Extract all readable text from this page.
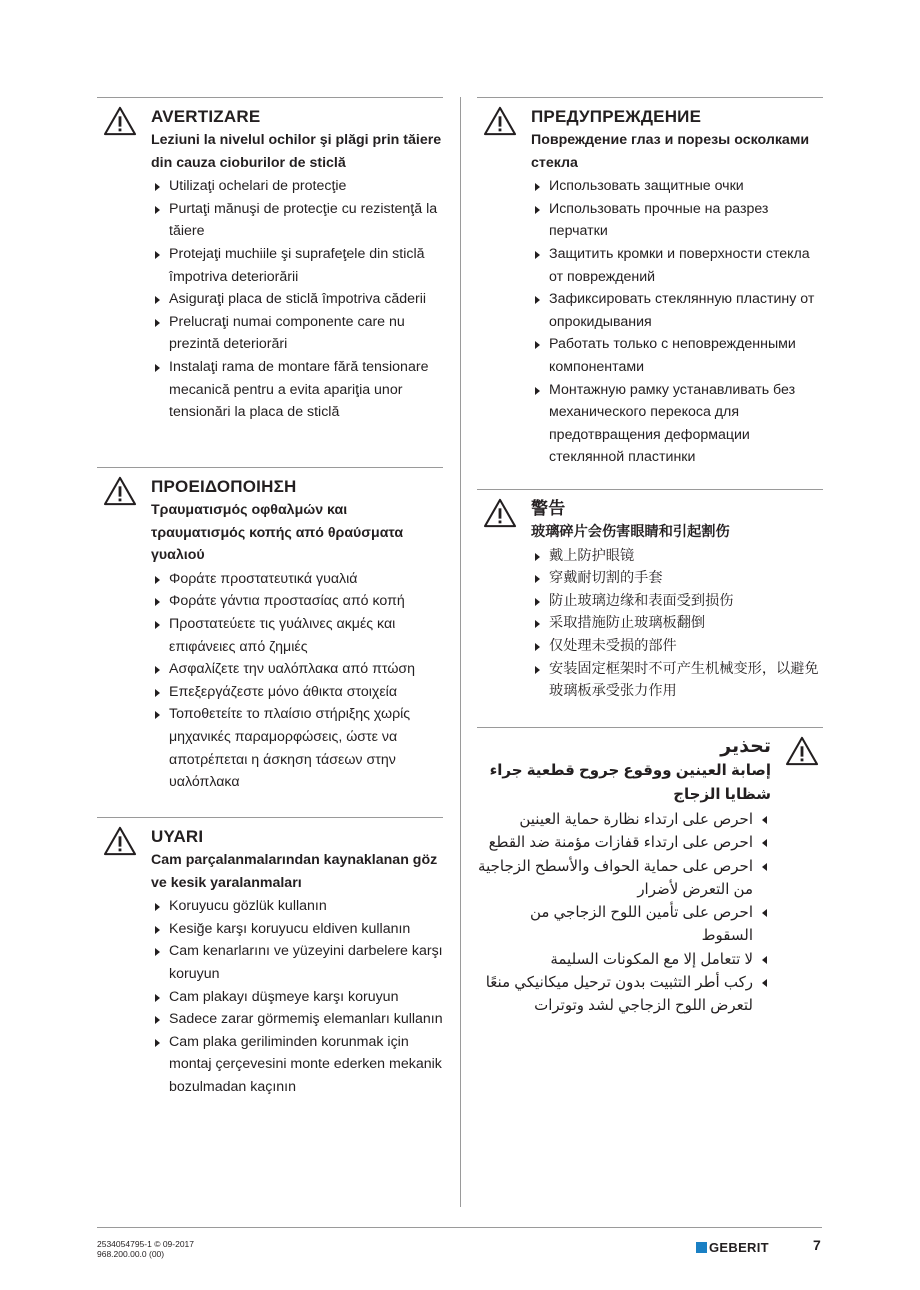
AVERTIZARE
Leziuni la nivelul ochilor şi plăgi prin tăiere din cauza cioburilor de sticlă
Utilizaţi ochelari de protecţie
Purtaţi mănuşi de protecţie cu rezistenţă la tăiere
Protejaţi muchiile şi suprafeţele din sticlă împotriva deteriorării
Asiguraţi placa de sticlă împotriva căderii
Prelucraţi numai componente care nu prezintă deteriorări
Instalaţi rama de montare fără tensionare mecanică pentru a evita apariţia unor tensionări la placa de sticlă
ΠΡΟΕΙΔΟΠΟΙΗΣΗ
Τραυματισμός οφθαλμών και τραυματισμός κοπής από θραύσματα γυαλιού
Φοράτε προστατευτικά γυαλιά
Φοράτε γάντια προστασίας από κοπή
Προστατεύετε τις γυάλινες ακμές και επιφάνειες από ζημιές
Ασφαλίζετε την υαλόπλακα από πτώση
Επεξεργάζεστε μόνο άθικτα στοιχεία
Τοποθετείτε το πλαίσιο στήριξης χωρίς μηχανικές παραμορφώσεις, ώστε να αποτρέπεται η άσκηση τάσεων στην υαλόπλακα
UYARI
Cam parçalanmalarından kaynaklanan göz ve kesik yaralanmaları
Koruyucu gözlük kullanın
Kesiğe karşı koruyucu eldiven kullanın
Cam kenarlarını ve yüzeyini darbelere karşı koruyun
Cam plakayı düşmeye karşı koruyun
Sadece zarar görmemiş elemanları kullanın
Cam plaka geriliminden korunmak için montaj çerçevesini monte ederken mekanik bozulmadan kaçının
ПРЕДУПРЕЖДЕНИЕ
Повреждение глаз и порезы осколками стекла
Использовать защитные очки
Использовать прочные на разрез перчатки
Защитить кромки и поверхности стекла от повреждений
Зафиксировать стеклянную пластину от опрокидывания
Работать только с неповрежденными компонентами
Монтажную рамку устанавливать без механического перекоса для предотвращения деформации стеклянной пластинки
警告
玻璃碎片会伤害眼睛和引起割伤
戴上防护眼镜
穿戴耐切割的手套
防止玻璃边缘和表面受到损伤
采取措施防止玻璃板翻倒
仅处理未受损的部件
安装固定框架时不可产生机械变形，以避免玻璃板承受张力作用
تحذير
إصابة العينين ووقوع جروح قطعية جراء شظايا الزجاج
احرص على ارتداء نظارة حماية العينين
احرص على ارتداء قفازات مؤمنة ضد القطع
احرص على حماية الحواف والأسطح الزجاجية من التعرض لأضرار
احرص على تأمين اللوح الزجاجي من السقوط
لا تتعامل إلا مع المكونات السليمة
ركب أطر التثبيت بدون ترحيل ميكانيكي منعًا لتعرض اللوح الزجاجي لشد وتوترات
2534054795-1 © 09-2017
968.200.00.0 (00)	GEBERIT	7
